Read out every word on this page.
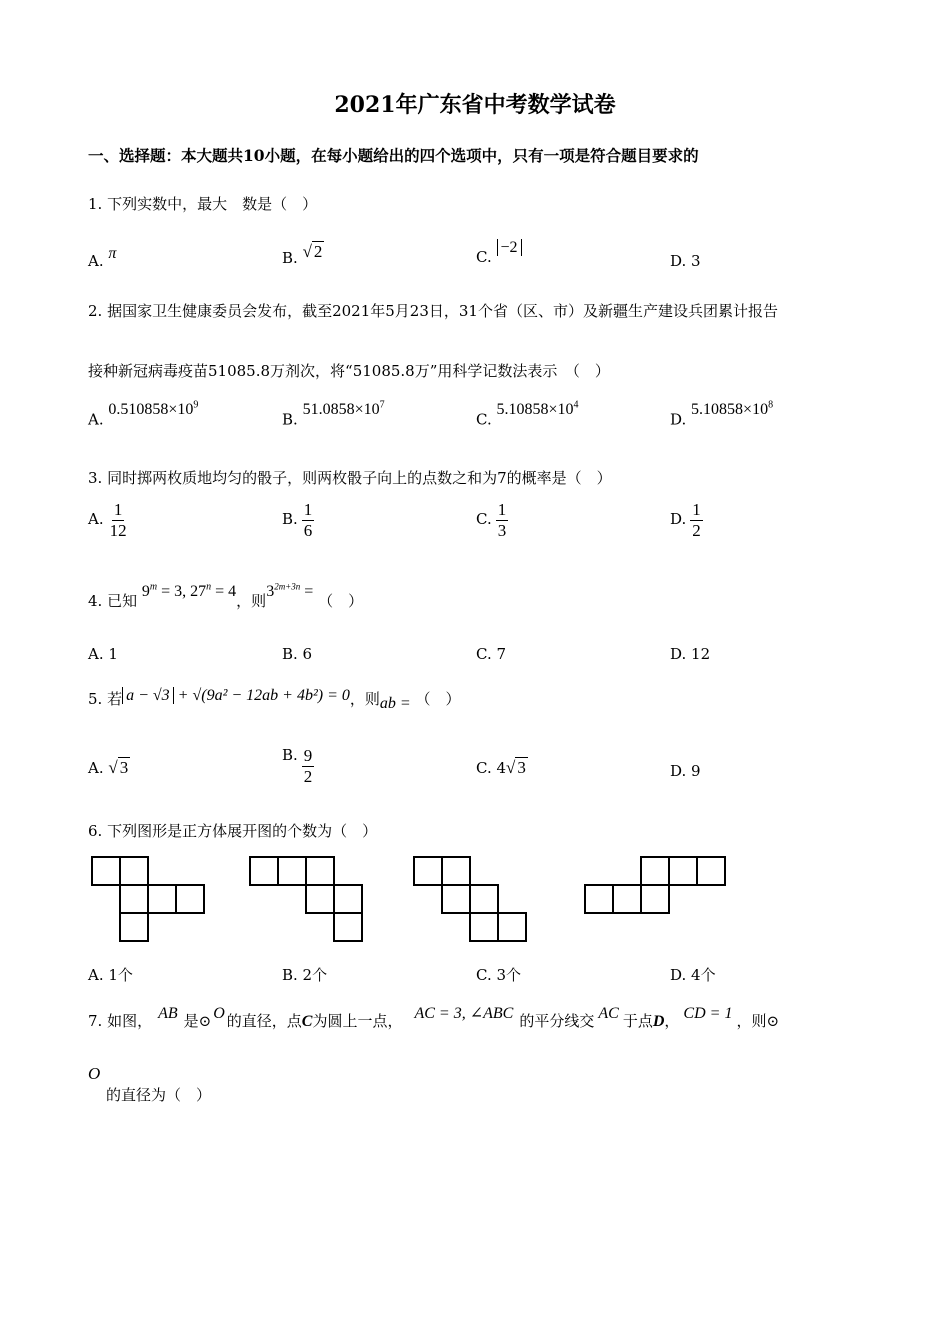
2021年广东省中考数学试卷
一、选择题：本大题共10小题，在每小题给出的四个选项中，只有一项是符合题目要求的
1. 下列实数中，最大　数是（　）
A. π	B. √ 2	C. −2
D. 3
2. 据国家卫生健康委员会发布，截至2021年5月23日，31个省（区、市）及新疆生产建设兵团累计报告
接种新冠病毒疫苗51085.8万剂次，将“51085.8万”用科学记数法表示　（　）
A. $0.510858\times 10^9$
B. $51.0858\times 10^7$
C. $5.10858\times 10^4$
D. $5.10858\times 10^8$
3. 同时掷两枚质地均匀的骰子，则两枚骰子向上的点数之和为7的概率是（　）
A. $\frac{1}{12}$	B. $\frac{1}{6}$	C. $\frac{1}{3}$	D. $\frac{1}{2}$
4. 已知 $9^m = 3$, $27^n = 4$，则$3^{2m+3n}$ = （　）
A. 1	B. 6	C. 7	D. 12
5. 若 a − √3 + √(9a² − 12ab + 4b²) = 0，则ab = （　）
A. √ 3
B. $\frac{9}{2}$	C. 4√ 3	D. 9
6. 下列图形是正方体展开图的个数为（　）
A. 1个	B. 2个	C. 3个	D. 4个
7. 如图， AB 是⊙ O 的直径，点C为圆上一点， AC = 3, ∠ABC 的平分线交 AC 于点D， CD = 1 ，则⊙
O
的直径为（　）
